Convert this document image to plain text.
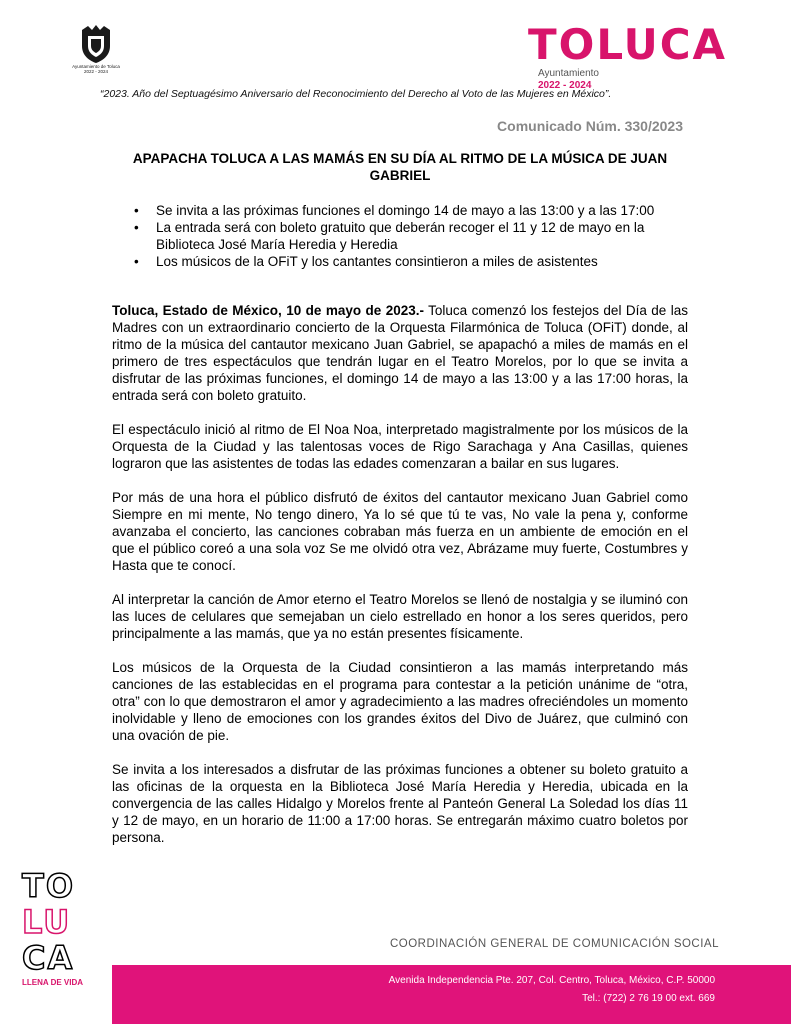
Ayuntamiento de Toluca
2022 - 2024
TOLUCA
Ayuntamiento
2022 - 2024
“2023. Año del Septuagésimo Aniversario del Reconocimiento del Derecho al Voto de las Mujeres en México”.
Comunicado Núm. 330/2023
APAPACHA TOLUCA A LAS MAMÁS EN SU DÍA AL RITMO DE LA MÚSICA DE JUAN GABRIEL
• Se invita a las próximas funciones el domingo 14 de mayo a las 13:00 y a las 17:00
• La entrada será con boleto gratuito que deberán recoger el 11 y 12 de mayo en la Biblioteca José María Heredia y Heredia
• Los músicos de la OFiT y los cantantes consintieron a miles de asistentes

Toluca, Estado de México, 10 de mayo de 2023.- Toluca comenzó los festejos del Día de las Madres con un extraordinario concierto de la Orquesta Filarmónica de Toluca (OFiT) donde, al ritmo de la música del cantautor mexicano Juan Gabriel, se apapachó a miles de mamás en el primero de tres espectáculos que tendrán lugar en el Teatro Morelos, por lo que se invita a disfrutar de las próximas funciones, el domingo 14 de mayo a las 13:00 y a las 17:00 horas, la entrada será con boleto gratuito.

El espectáculo inició al ritmo de El Noa Noa, interpretado magistralmente por los músicos de la Orquesta de la Ciudad y las talentosas voces de Rigo Sarachaga y Ana Casillas, quienes lograron que las asistentes de todas las edades comenzaran a bailar en sus lugares.

Por más de una hora el público disfrutó de éxitos del cantautor mexicano Juan Gabriel como Siempre en mi mente, No tengo dinero, Ya lo sé que tú te vas, No vale la pena y, conforme avanzaba el concierto, las canciones cobraban más fuerza en un ambiente de emoción en el que el público coreó a una sola voz Se me olvidó otra vez, Abrázame muy fuerte, Costumbres y Hasta que te conocí.

Al interpretar la canción de Amor eterno el Teatro Morelos se llenó de nostalgia y se iluminó con las luces de celulares que semejaban un cielo estrellado en honor a los seres queridos, pero principalmente a las mamás, que ya no están presentes físicamente.

Los músicos de la Orquesta de la Ciudad consintieron a las mamás interpretando más canciones de las establecidas en el programa para contestar a la petición unánime de “otra, otra” con lo que demostraron el amor y agradecimiento a las madres ofreciéndoles un momento inolvidable y lleno de emociones con los grandes éxitos del Divo de Juárez, que culminó con una ovación de pie.

Se invita a los interesados a disfrutar de las próximas funciones a obtener su boleto gratuito a las oficinas de la orquesta en la Biblioteca José María Heredia y Heredia, ubicada en la convergencia de las calles Hidalgo y Morelos frente al Panteón General La Soledad los días 11 y 12 de mayo, en un horario de 11:00 a 17:00 horas. Se entregarán máximo cuatro boletos por persona.

TO
LU
CA
LLENA DE VIDA
COORDINACIÓN GENERAL DE COMUNICACIÓN SOCIAL
Avenida Independencia Pte. 207, Col. Centro, Toluca, México, C.P. 50000
Tel.: (722) 2 76 19 00 ext. 669
